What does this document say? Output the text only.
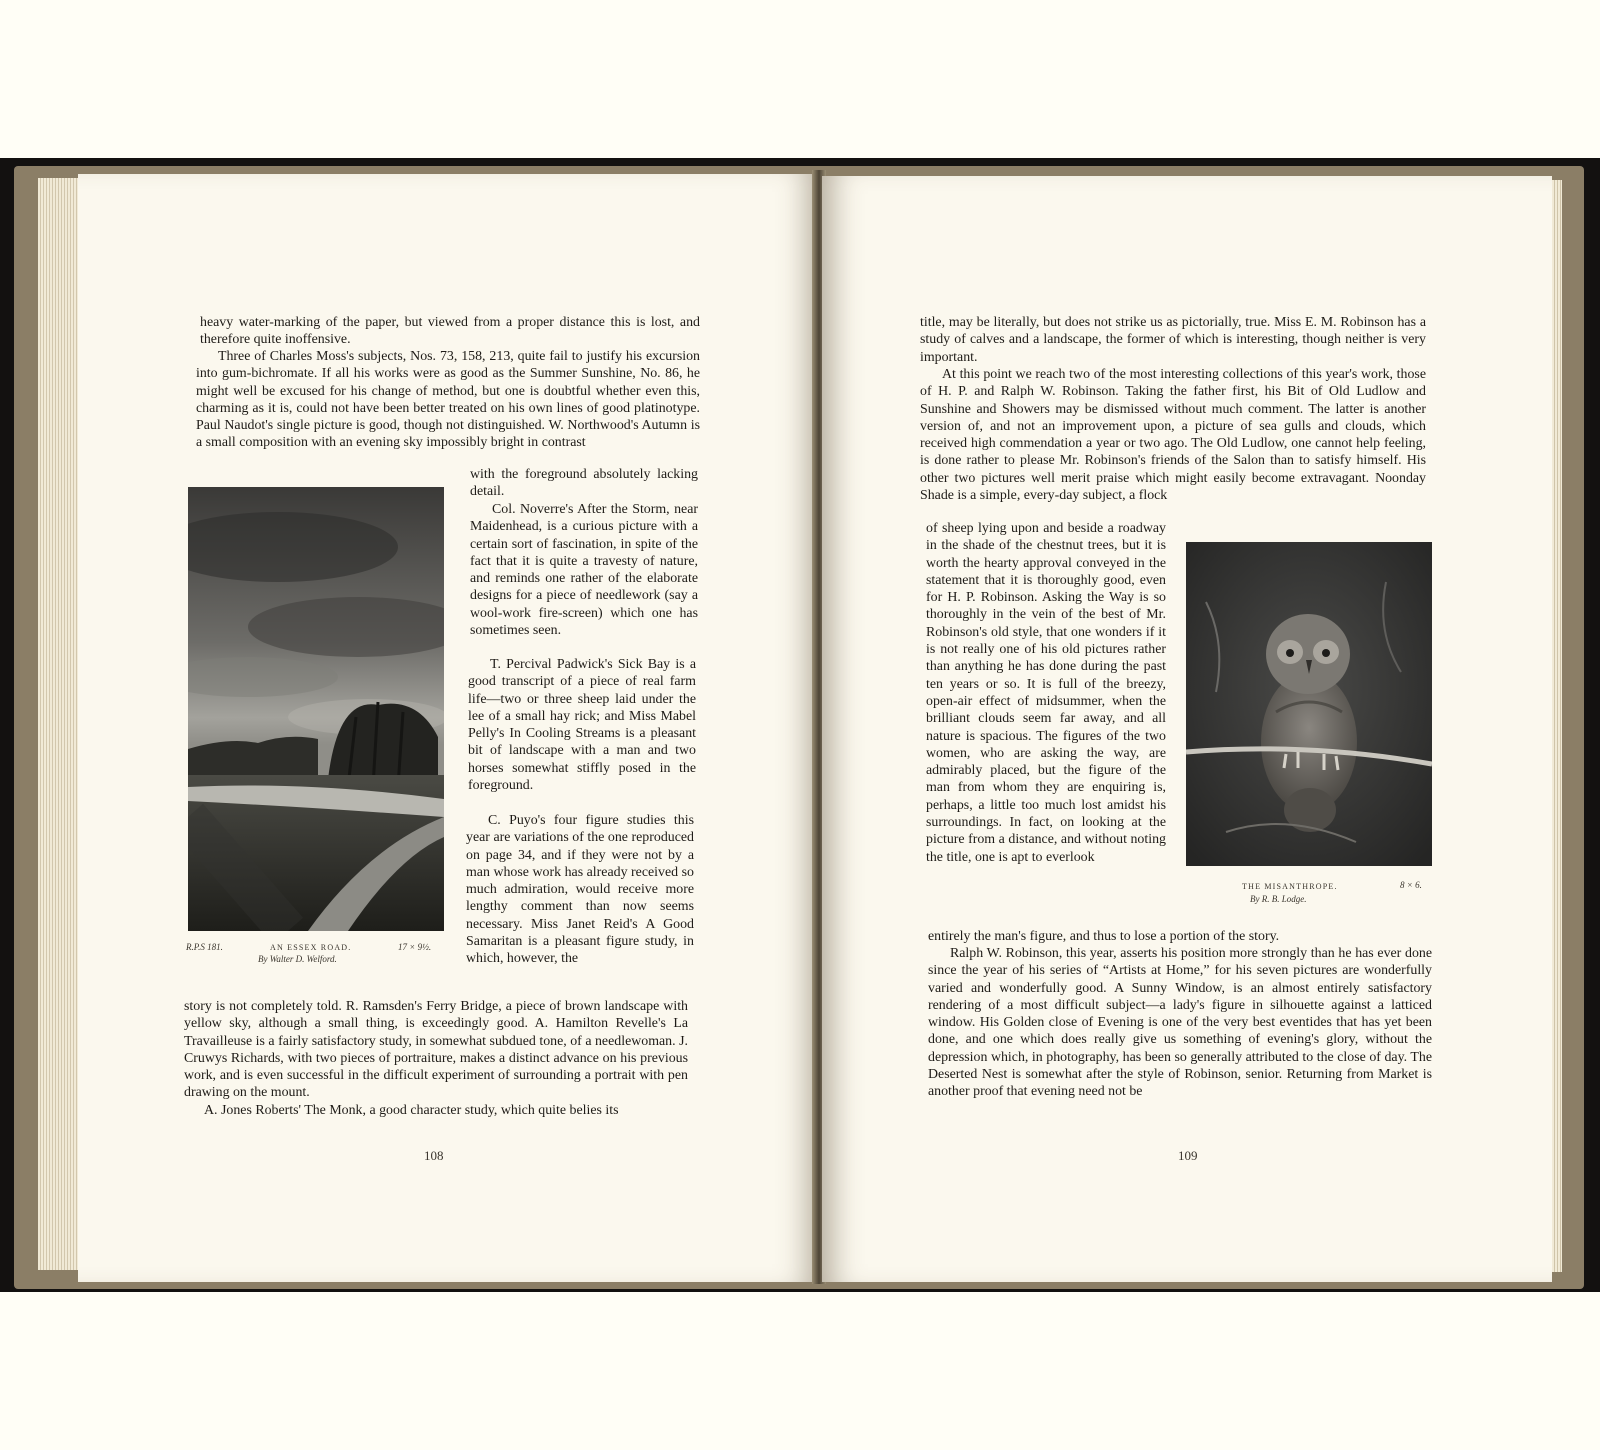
heavy water-marking of the paper, but viewed from a proper distance this is lost, and therefore quite inoffensive.

Three of Charles Moss's subjects, Nos. 73, 158, 213, quite fail to justify his excursion into gum-bichromate. If all his works were as good as the Summer Sunshine, No. 86, he might well be excused for his change of method, but one is doubtful whether even this, charming as it is, could not have been better treated on his own lines of good platinotype. Paul Naudot's single picture is good, though not distinguished. W. Northwood's Autumn is a small composition with an evening sky impossibly bright in contrast

with the foreground absolutely lacking detail.

Col. Noverre's After the Storm, near Maidenhead, is a curious picture with a certain sort of fascination, in spite of the fact that it is quite a travesty of nature, and reminds one rather of the elaborate designs for a piece of needlework (say a wool-work fire-screen) which one has sometimes seen.

T. Percival Padwick's Sick Bay is a good transcript of a piece of real farm life—two or three sheep laid under the lee of a small hay rick; and Miss Mabel Pelly's In Cooling Streams is a pleasant bit of landscape with a man and two horses somewhat stiffly posed in the foreground.

C. Puyo's four figure studies this year are variations of the one reproduced on page 34, and if they were not by a man whose work has already received so much admiration, would receive more lengthy comment than now seems necessary. Miss Janet Reid's A Good Samaritan is a pleasant figure study, in which, however, the

story is not completely told. R. Ramsden's Ferry Bridge, a piece of brown landscape with yellow sky, although a small thing, is exceedingly good. A. Hamilton Revelle's La Travailleuse is a fairly satisfactory study, in somewhat subdued tone, of a needlewoman. J. Cruwys Richards, with two pieces of portraiture, makes a distinct advance on his previous work, and is even successful in the difficult experiment of surrounding a portrait with pen drawing on the mount.

A. Jones Roberts' The Monk, a good character study, which quite belies its

R.P.S 181.	AN ESSEX ROAD.	17 × 9½.
By Walter D. Welford.
108

title, may be literally, but does not strike us as pictorially, true. Miss E. M. Robinson has a study of calves and a landscape, the former of which is interesting, though neither is very important.

At this point we reach two of the most interesting collections of this year's work, those of H. P. and Ralph W. Robinson. Taking the father first, his Bit of Old Ludlow and Sunshine and Showers may be dismissed without much comment. The latter is another version of, and not an improvement upon, a picture of sea gulls and clouds, which received high commendation a year or two ago. The Old Ludlow, one cannot help feeling, is done rather to please Mr. Robinson's friends of the Salon than to satisfy himself. His other two pictures well merit praise which might easily become extravagant. Noonday Shade is a simple, every-day subject, a flock

of sheep lying upon and beside a roadway in the shade of the chestnut trees, but it is worth the hearty approval conveyed in the statement that it is thoroughly good, even for H. P. Robinson. Asking the Way is so thoroughly in the vein of the best of Mr. Robinson's old style, that one wonders if it is not really one of his old pictures rather than anything he has done during the past ten years or so. It is full of the breezy, open-air effect of midsummer, when the brilliant clouds seem far away, and all nature is spacious. The figures of the two women, who are asking the way, are admirably placed, but the figure of the man from whom they are enquiring is, perhaps, a little too much lost amidst his surroundings. In fact, on looking at the picture from a distance, and without noting the title, one is apt to everlook

entirely the man's figure, and thus to lose a portion of the story.

Ralph W. Robinson, this year, asserts his position more strongly than he has ever done since the year of his series of “Artists at Home,” for his seven pictures are wonderfully varied and wonderfully good. A Sunny Window, is an almost entirely satisfactory rendering of a most difficult subject—a lady's figure in silhouette against a latticed window. His Golden close of Evening is one of the very best eventides that has yet been done, and one which does really give us something of evening's glory, without the depression which, in photography, has been so generally attributed to the close of day. The Deserted Nest is somewhat after the style of Robinson, senior. Returning from Market is another proof that evening need not be

THE MISANTHROPE.	8 × 6.
By R. B. Lodge.
109
